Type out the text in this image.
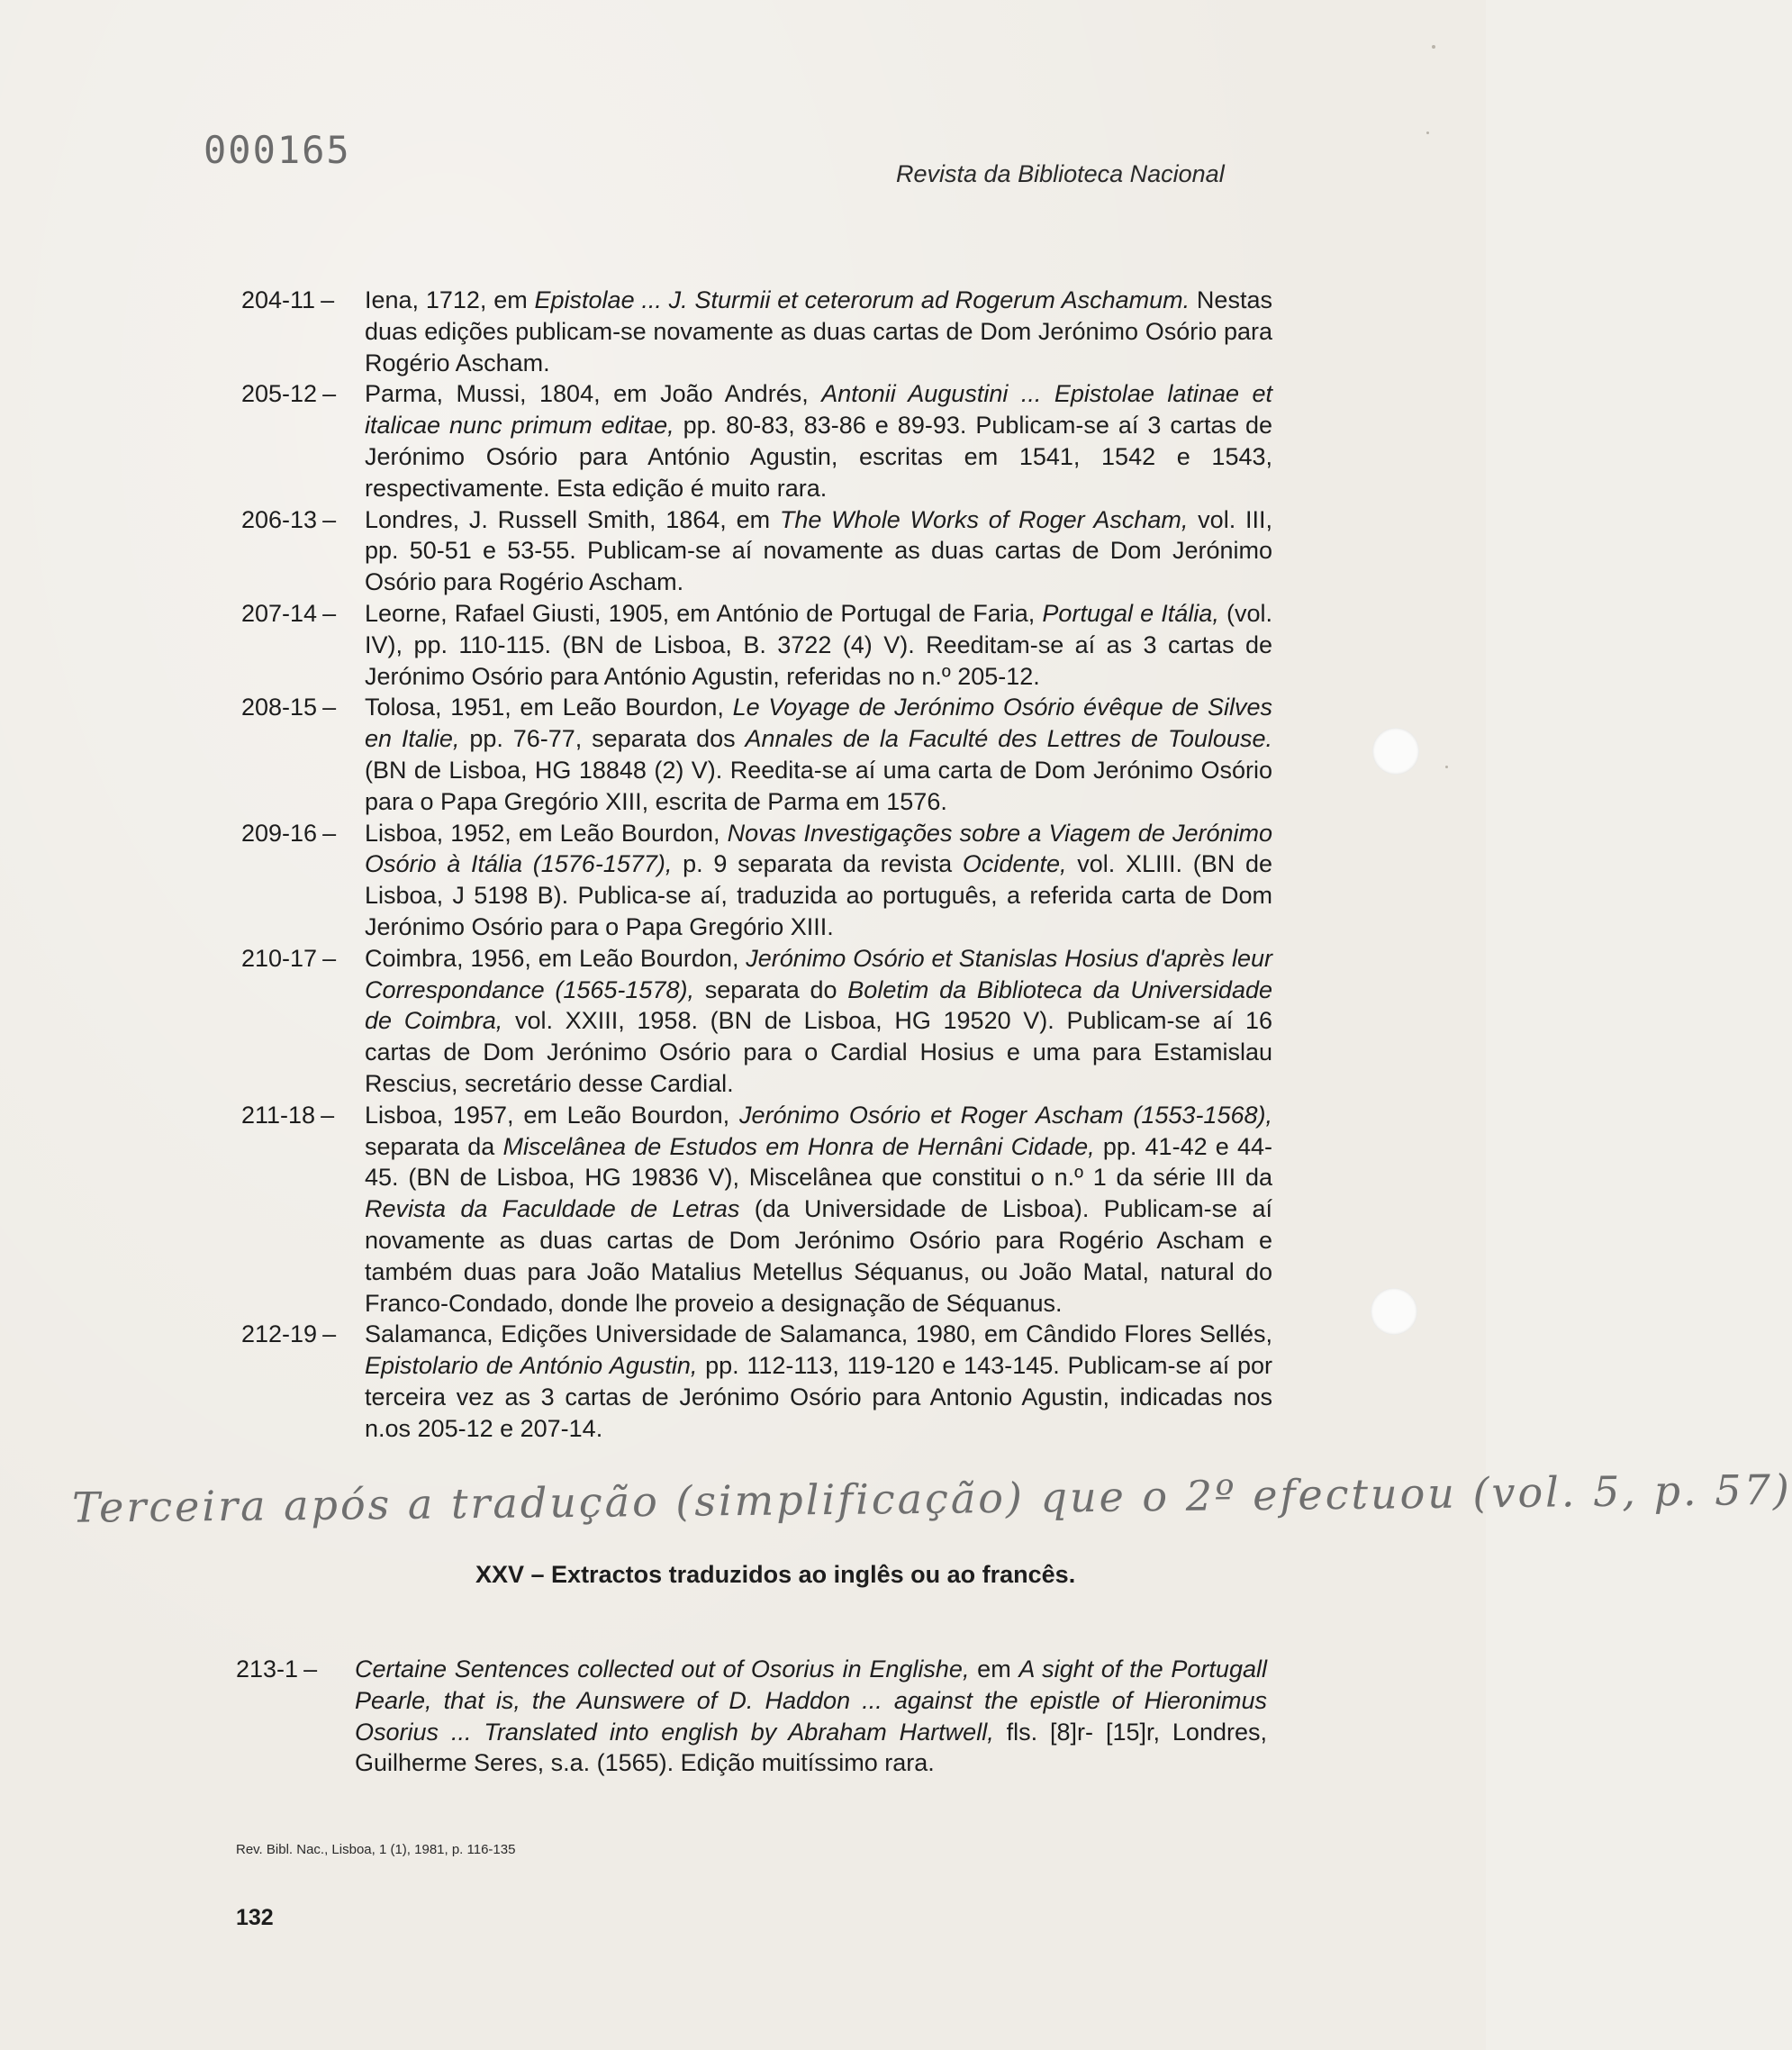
000165
Revista da Biblioteca Nacional
204-11 –	Iena, 1712, em Epistolae ... J. Sturmii et ceterorum ad Rogerum Aschamum. Nestas duas edições publicam-se novamente as duas cartas de Dom Jerónimo Osório para Rogério Ascham.
205-12 –	Parma, Mussi, 1804, em João Andrés, Antonii Augustini ... Epistolae latinae et italicae nunc primum editae, pp. 80-83, 83-86 e 89-93. Publicam-se aí 3 cartas de Jerónimo Osório para António Agustin, escritas em 1541, 1542 e 1543, respectivamente. Esta edição é muito rara.
206-13 –	Londres, J. Russell Smith, 1864, em The Whole Works of Roger Ascham, vol. III, pp. 50-51 e 53-55. Publicam-se aí novamente as duas cartas de Dom Jerónimo Osório para Rogério Ascham.
207-14 –	Leorne, Rafael Giusti, 1905, em António de Portugal de Faria, Portugal e Itália, (vol. IV), pp. 110-115. (BN de Lisboa, B. 3722 (4) V). Reeditam-se aí as 3 cartas de Jerónimo Osório para António Agustin, referidas no n.º 205-12.
208-15 –	Tolosa, 1951, em Leão Bourdon, Le Voyage de Jerónimo Osório évêque de Silves en Italie, pp. 76-77, separata dos Annales de la Faculté des Lettres de Toulouse. (BN de Lisboa, HG 18848 (2) V). Reedita-se aí uma carta de Dom Jerónimo Osório para o Papa Gregório XIII, escrita de Parma em 1576.
209-16 –	Lisboa, 1952, em Leão Bourdon, Novas Investigações sobre a Viagem de Jerónimo Osório à Itália (1576-1577), p. 9 separata da revista Ocidente, vol. XLIII. (BN de Lisboa, J 5198 B). Publica-se aí, traduzida ao português, a referida carta de Dom Jerónimo Osório para o Papa Gregório XIII.
210-17 –	Coimbra, 1956, em Leão Bourdon, Jerónimo Osório et Stanislas Hosius d'après leur Correspondance (1565-1578), separata do Boletim da Biblioteca da Universidade de Coimbra, vol. XXIII, 1958. (BN de Lisboa, HG 19520 V). Publicam-se aí 16 cartas de Dom Jerónimo Osório para o Cardial Hosius e uma para Estamislau Rescius, secretário desse Cardial.
211-18 –	Lisboa, 1957, em Leão Bourdon, Jerónimo Osório et Roger Ascham (1553-1568), separata da Miscelânea de Estudos em Honra de Hernâni Cidade, pp. 41-42 e 44-45. (BN de Lisboa, HG 19836 V), Miscelânea que constitui o n.º 1 da série III da Revista da Faculdade de Letras (da Universidade de Lisboa). Publicam-se aí novamente as duas cartas de Dom Jerónimo Osório para Rogério Ascham e também duas para João Matalius Metellus Séquanus, ou João Matal, natural do Franco-Condado, donde lhe proveio a designação de Séquanus.
212-19 –	Salamanca, Edições Universidade de Salamanca, 1980, em Cândido Flores Sellés, Epistolario de António Agustin, pp. 112-113, 119-120 e 143-145. Publicam-se aí por terceira vez as 3 cartas de Jerónimo Osório para Antonio Agustin, indicadas nos n.os 205-12 e 207-14.
Terceira após a tradução (simplificação) que o 2º efectuou (vol. 5, p. 57)
XXV – Extractos traduzidos ao inglês ou ao francês.
213-1 –	Certaine Sentences collected out of Osorius in Englishe, em A sight of the Portugall Pearle, that is, the Aunswere of D. Haddon ... against the epistle of Hieronimus Osorius ... Translated into english by Abraham Hartwell, fls. [8]r- [15]r, Londres, Guilherme Seres, s.a. (1565). Edição muitíssimo rara.
Rev. Bibl. Nac., Lisboa, 1 (1), 1981, p. 116-135
132
